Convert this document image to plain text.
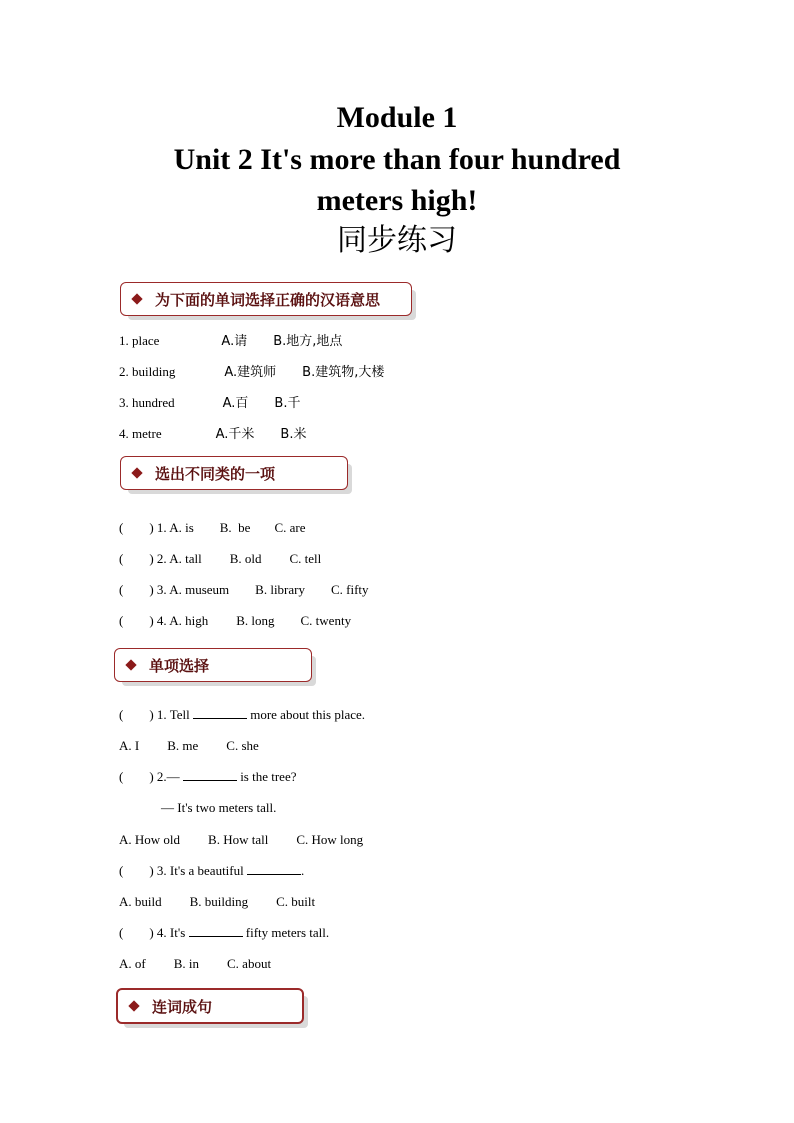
Module 1
Unit 2 It's more than four hundred
meters high!
同步练习
为下面的单词选择正确的汉语意思
1. place	A.请 B.地方,地点
2. building	A.建筑师 B.建筑物,大楼
3. hundred	A.百 B.千
4. metre	A.千米 B.米
选出不同类的一项
( ) 1. A. is B.  be C. are
( ) 2. A. tall B. old C. tell
( ) 3. A. museum B. library C. fifty
( ) 4. A. high B. long C. twenty
单项选择
( ) 1. Tell	more about this place.
A. I B. me C. she
( ) 2.—	is the tree?
— It's two meters tall.
A. How old B. How tall C. How long
( ) 3. It's a beautiful	.
A. build B. building C. built
( ) 4. It's	fifty meters tall.
A. of B. in C. about
连词成句
